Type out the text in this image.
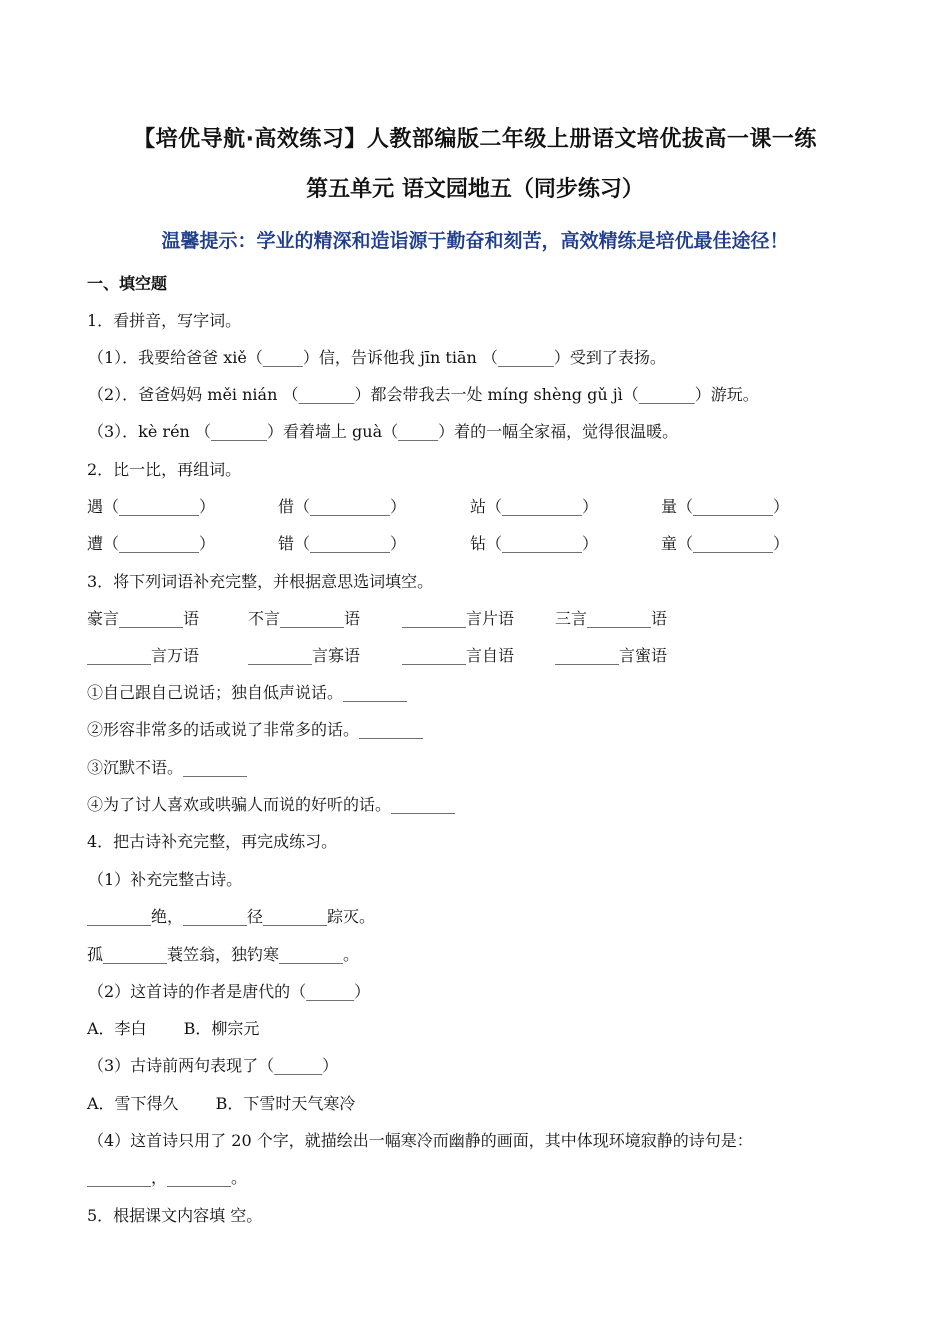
【培优导航·高效练习】人教部编版二年级上册语文培优拔高一课一练
第五单元 语文园地五（同步练习）
温馨提示：学业的精深和造诣源于勤奋和刻苦，高效精练是培优最佳途径！
一、填空题
1．看拼音，写字词。
（1）．我要给爸爸 xiě（_____）信，告诉他我 jīn tiān （_______）受到了表扬。
（2）．爸爸妈妈 měi nián （_______）都会带我去一处 míng shèng gǔ jì（_______）游玩。
（3）．kè rén （_______）看着墙上 guà（_____）着的一幅全家福，觉得很温暖。
2．比一比，再组词。
遇（__________）	借（__________）	站（__________）	量（__________）
遭（__________）	错（__________）	钻（__________）	童（__________）
3．将下列词语补充完整，并根据意思选词填空。
豪言________语	不言________语	________言片语	三言________语
________言万语	________言寡语	________言自语	________言蜜语
①自己跟自己说话；独自低声说话。________
②形容非常多的话或说了非常多的话。________
③沉默不语。________
④为了讨人喜欢或哄骗人而说的好听的话。________
4．把古诗补充完整，再完成练习。
（1）补充完整古诗。
________绝，________径________踪灭。
孤________蓑笠翁，独钓寒________。
（2）这首诗的作者是唐代的（______）
A．李白　　 B．柳宗元
（3）古诗前两句表现了（______）
A．雪下得久　　 B．下雪时天气寒冷
（4）这首诗只用了 20 个字，就描绘出一幅寒冷而幽静的画面，其中体现环境寂静的诗句是：
________，________。
5．根据课文内容填 空。
